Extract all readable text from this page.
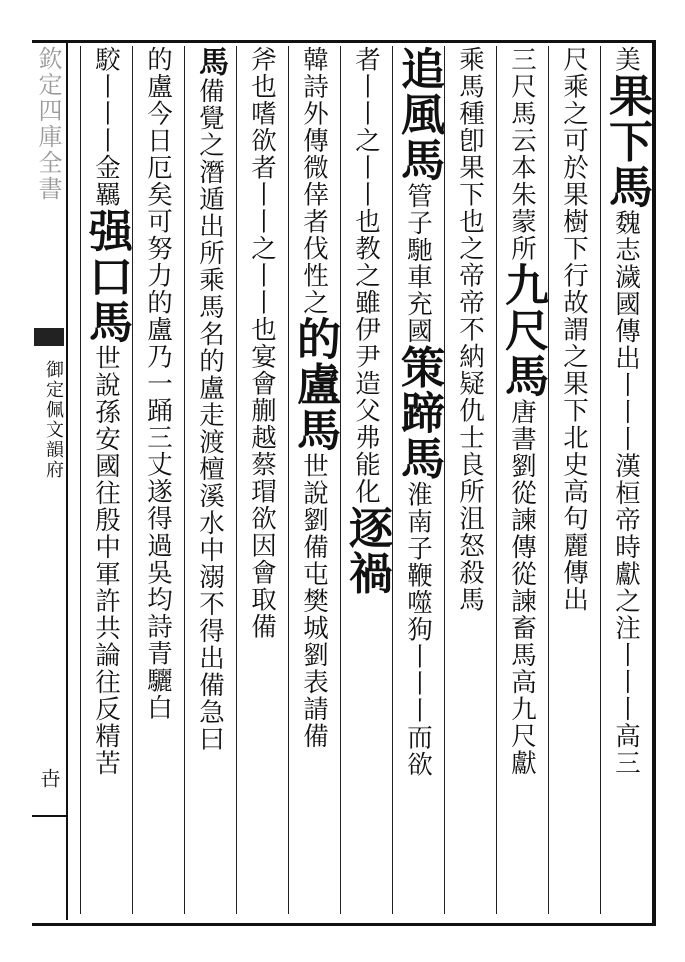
欽定四庫全書
御定佩文韻府
卋
美果下馬魏志濊國傳出丨丨丨漢桓帝時獻之注丨丨丨高三
尺乘之可於果樹下行故謂之果下北史高句麗傳出
三尺馬云本朱蒙所九尺馬唐書劉從諫傳從諫畜馬高九尺獻
乘馬種卽果下也之帝帝不納疑仇士良所沮怒殺馬
追風馬管子馳車充國策蹄馬淮南子鞭噬狗丨丨丨而欲
者丨丨之丨丨也教之雖伊尹造父弗能化逐禍
韓詩外傳微倖者伐性之的盧馬世說劉備屯樊城劉表請備
斧也嗜欲者丨丨之丨丨也宴會蒯越蔡瑁欲因會取備
馬備覺之潛遁出所乘馬名的盧走渡檀溪水中溺不得出備急曰
的盧今日厄矣可努力的盧乃一踊三丈遂得過吳均詩青驪白
駮丨丨丨金羈强口馬世說孫安國往殷中軍許共論往反精苦
